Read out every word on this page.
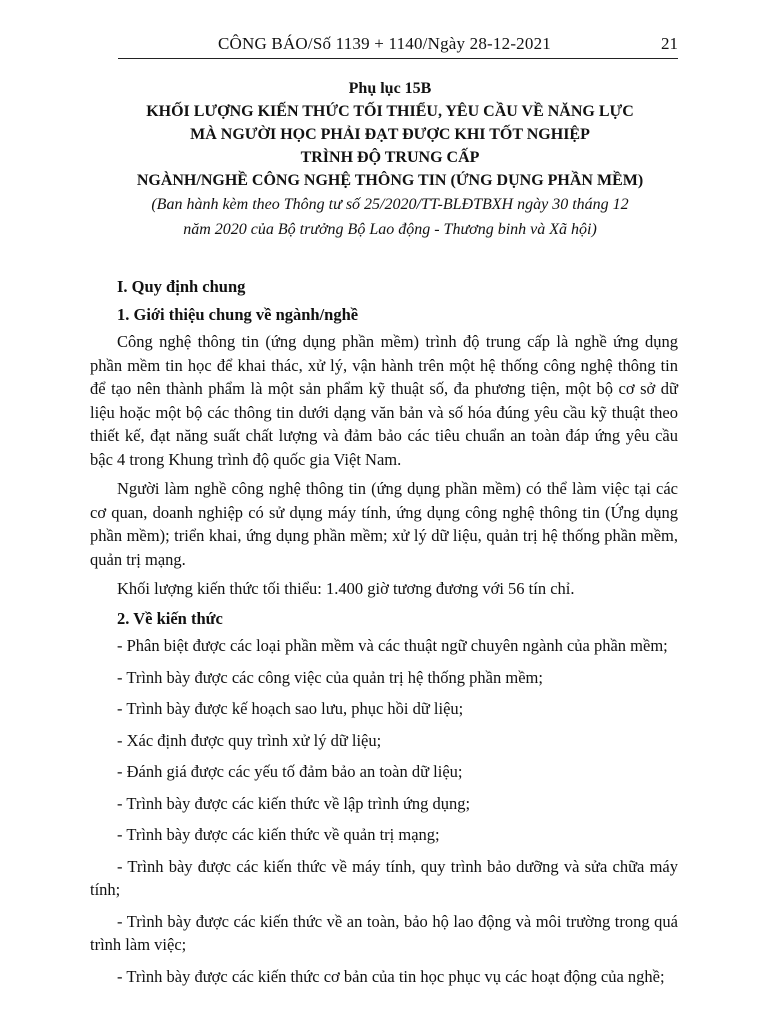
CÔNG BÁO/Số 1139 + 1140/Ngày 28-12-2021	21
Phụ lục 15B
KHỐI LƯỢNG KIẾN THỨC TỐI THIỂU, YÊU CẦU VỀ NĂNG LỰC
MÀ NGƯỜI HỌC PHẢI ĐẠT ĐƯỢC KHI TỐT NGHIỆP
TRÌNH ĐỘ TRUNG CẤP
NGÀNH/NGHỀ CÔNG NGHỆ THÔNG TIN (ỨNG DỤNG PHẦN MỀM)
(Ban hành kèm theo Thông tư số 25/2020/TT-BLĐTBXH ngày 30 tháng 12
năm 2020 của Bộ trưởng Bộ Lao động - Thương binh và Xã hội)
I. Quy định chung
1. Giới thiệu chung về ngành/nghề

Công nghệ thông tin (ứng dụng phần mềm) trình độ trung cấp là nghề ứng dụng phần mềm tin học để khai thác, xử lý, vận hành trên một hệ thống công nghệ thông tin để tạo nên thành phẩm là một sản phẩm kỹ thuật số, đa phương tiện, một bộ cơ sở dữ liệu hoặc một bộ các thông tin dưới dạng văn bản và số hóa đúng yêu cầu kỹ thuật theo thiết kế, đạt năng suất chất lượng và đảm bảo các tiêu chuẩn an toàn đáp ứng yêu cầu bậc 4 trong Khung trình độ quốc gia Việt Nam.

Người làm nghề công nghệ thông tin (ứng dụng phần mềm) có thể làm việc tại các cơ quan, doanh nghiệp có sử dụng máy tính, ứng dụng công nghệ thông tin (Ứng dụng phần mềm); triển khai, ứng dụng phần mềm; xử lý dữ liệu, quản trị hệ thống phần mềm, quản trị mạng.

Khối lượng kiến thức tối thiểu: 1.400 giờ tương đương với 56 tín chỉ.

2. Về kiến thức

- Phân biệt được các loại phần mềm và các thuật ngữ chuyên ngành của phần mềm;

- Trình bày được các công việc của quản trị hệ thống phần mềm;

- Trình bày được kế hoạch sao lưu, phục hồi dữ liệu;

- Xác định được quy trình xử lý dữ liệu;

- Đánh giá được các yếu tố đảm bảo an toàn dữ liệu;

- Trình bày được các kiến thức về lập trình ứng dụng;

- Trình bày được các kiến thức về quản trị mạng;

- Trình bày được các kiến thức về máy tính, quy trình bảo dưỡng và sửa chữa máy tính;

- Trình bày được các kiến thức về an toàn, bảo hộ lao động và môi trường trong quá trình làm việc;

- Trình bày được các kiến thức cơ bản của tin học phục vụ các hoạt động của nghề;
